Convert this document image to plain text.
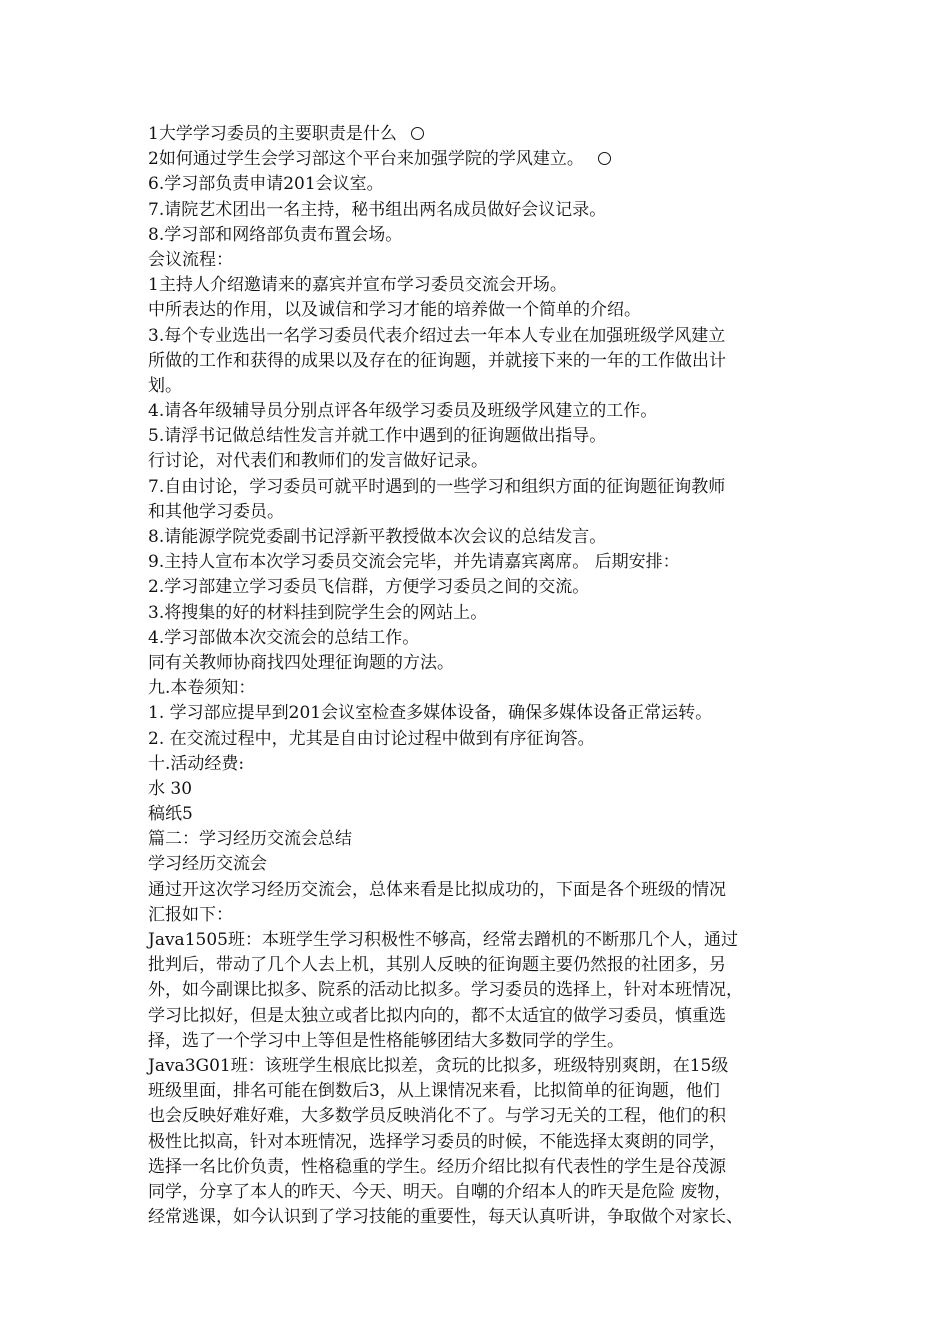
1大学学习委员的主要职责是什么
2如何通过学生会学习部这个平台来加强学院的学风建立。
6.学习部负责申请201会议室。
7.请院艺术团出一名主持，秘书组出两名成员做好会议记录。
8.学习部和网络部负责布置会场。
会议流程：
1主持人介绍邀请来的嘉宾并宣布学习委员交流会开场。
中所表达的作用，以及诚信和学习才能的培养做一个简单的介绍。
3.每个专业选出一名学习委员代表介绍过去一年本人专业在加强班级学风建立
所做的工作和获得的成果以及存在的征询题，并就接下来的一年的工作做出计
划。
4.请各年级辅导员分别点评各年级学习委员及班级学风建立的工作。
5.请浮书记做总结性发言并就工作中遇到的征询题做出指导。
行讨论，对代表们和教师们的发言做好记录。
7.自由讨论，学习委员可就平时遇到的一些学习和组织方面的征询题征询教师
和其他学习委员。
8.请能源学院党委副书记浮新平教授做本次会议的总结发言。
9.主持人宣布本次学习委员交流会完毕，并先请嘉宾离席。 后期安排：
2.学习部建立学习委员飞信群，方便学习委员之间的交流。
3.将搜集的好的材料挂到院学生会的网站上。
4.学习部做本次交流会的总结工作。
同有关教师协商找四处理征询题的方法。
九.本卷须知：
1. 学习部应提早到201会议室检查多媒体设备，确保多媒体设备正常运转。
2. 在交流过程中，尤其是自由讨论过程中做到有序征询答。
十.活动经费:
水 30
稿纸5
篇二：学习经历交流会总结
学习经历交流会
通过开这次学习经历交流会，总体来看是比拟成功的，下面是各个班级的情况
汇报如下：
Java1505班：本班学生学习积极性不够高，经常去蹭机的不断那几个人，通过
批判后，带动了几个人去上机，其别人反映的征询题主要仍然报的社团多，另
外，如今副课比拟多、院系的活动比拟多。学习委员的选择上，针对本班情况，
学习比拟好，但是太独立或者比拟内向的，都不太适宜的做学习委员，慎重选
择，选了一个学习中上等但是性格能够团结大多数同学的学生。
Java3G01班：该班学生根底比拟差，贪玩的比拟多，班级特别爽朗，在15级
班级里面，排名可能在倒数后3，从上课情况来看，比拟简单的征询题，他们
也会反映好难好难，大多数学员反映消化不了。与学习无关的工程，他们的积
极性比拟高，针对本班情况，选择学习委员的时候，不能选择太爽朗的同学，
选择一名比价负责，性格稳重的学生。经历介绍比拟有代表性的学生是谷茂源
同学，分享了本人的昨天、今天、明天。自嘲的介绍本人的昨天是危险 废物，
经常逃课，如今认识到了学习技能的重要性，每天认真听讲，争取做个对家长、
